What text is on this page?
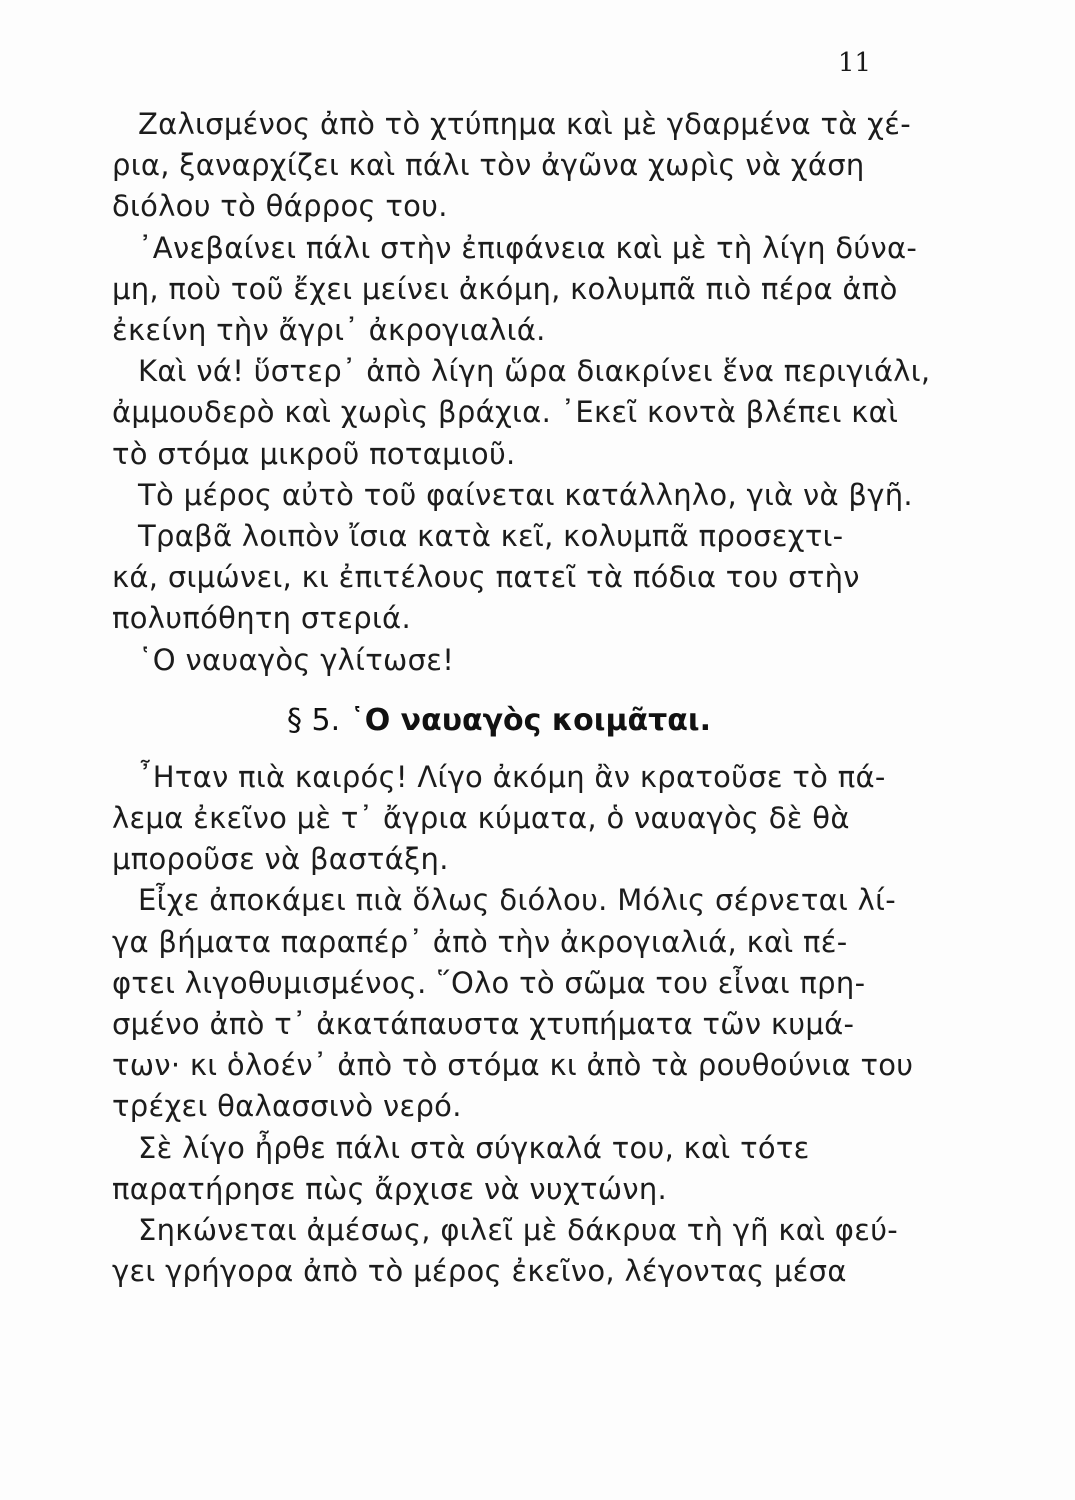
11

Ζαλισμένος ἀπὸ τὸ χτύπημα καὶ μὲ γδαρμένα τὰ χέ-
ρια, ξαναρχίζει καὶ πάλι τὸν ἀγῶνα χωρὶς νὰ χάση
διόλου τὸ θάρρος του.

᾿Ανεβαίνει πάλι στὴν ἐπιφάνεια καὶ μὲ τὴ λίγη δύνα-
μη, ποὺ τοῦ ἔχει μείνει ἀκόμη, κολυμπᾶ πιὸ πέρα ἀπὸ
ἐκείνη τὴν ἄγρι᾿ ἀκρογιαλιά.

Καὶ νά! ὕστερ᾿ ἀπὸ λίγη ὥρα διακρίνει ἕνα περιγιάλι,
ἀμμουδερὸ καὶ χωρὶς βράχια. ᾿Εκεῖ κοντὰ βλέπει καὶ
τὸ στόμα μικροῦ ποταμιοῦ.

Τὸ μέρος αὐτὸ τοῦ φαίνεται κατάλληλο, γιὰ νὰ βγῆ.

Τραβᾶ λοιπὸν ἴσια κατὰ κεῖ, κολυμπᾶ προσεχτι-
κά, σιμώνει, κι ἐπιτέλους πατεῖ τὰ πόδια του στὴν
πολυπόθητη στεριά.

῾Ο ναυαγὸς γλίτωσε!

§ 5. ῾Ο ναυαγὸς κοιμᾶται.

῏Ηταν πιὰ καιρός! Λίγο ἀκόμη ἂν κρατοῦσε τὸ πά-
λεμα ἐκεῖνο μὲ τ᾿ ἄγρια κύματα, ὁ ναυαγὸς δὲ θὰ
μποροῦσε νὰ βαστάξη.

Εἶχε ἀποκάμει πιὰ ὅλως διόλου. Μόλις σέρνεται λί-
γα βήματα παραπέρ᾿ ἀπὸ τὴν ἀκρογιαλιά, καὶ πέ-
φτει λιγοθυμισμένος. ῞Ολο τὸ σῶμα του εἶναι πρη-
σμένο ἀπὸ τ᾿ ἀκατάπαυστα χτυπήματα τῶν κυμά-
των· κι ὁλοέν᾿ ἀπὸ τὸ στόμα κι ἀπὸ τὰ ρουθούνια του
τρέχει θαλασσινὸ νερό.

Σὲ λίγο ἦρθε πάλι στὰ σύγκαλά του, καὶ τότε
παρατήρησε πὼς ἄρχισε νὰ νυχτώνη.

Σηκώνεται ἀμέσως, φιλεῖ μὲ δάκρυα τὴ γῆ καὶ φεύ-
γει γρήγορα ἀπὸ τὸ μέρος ἐκεῖνο, λέγοντας μέσα
